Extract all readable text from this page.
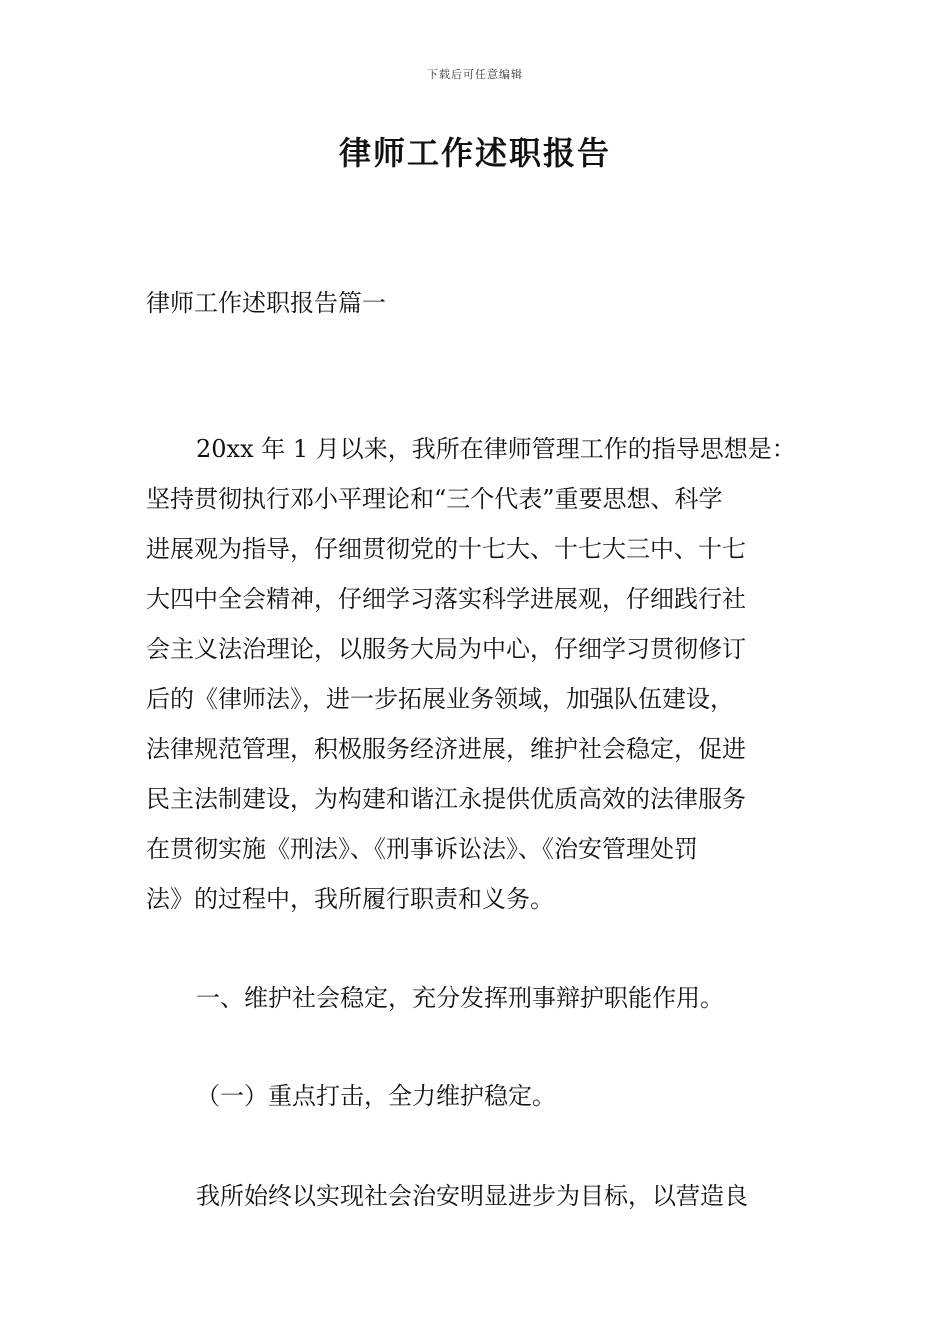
下载后可任意编辑
律师工作述职报告
律师工作述职报告篇一
20xx 年 1 月以来，我所在律师管理工作的指导思想是：
坚持贯彻执行邓小平理论和“三个代表”重要思想、科学
进展观为指导，仔细贯彻党的十七大、十七大三中、十七
大四中全会精神，仔细学习落实科学进展观，仔细践行社
会主义法治理论，以服务大局为中心，仔细学习贯彻修订
后的《律师法》，进一步拓展业务领域，加强队伍建设，
法律规范管理，积极服务经济进展，维护社会稳定，促进
民主法制建设，为构建和谐江永提供优质高效的法律服务
在贯彻实施《刑法》、《刑事诉讼法》、《治安管理处罚
法》的过程中，我所履行职责和义务。
一、维护社会稳定，充分发挥刑事辩护职能作用。
（一）重点打击，全力维护稳定。
我所始终以实现社会治安明显进步为目标，以营造良
